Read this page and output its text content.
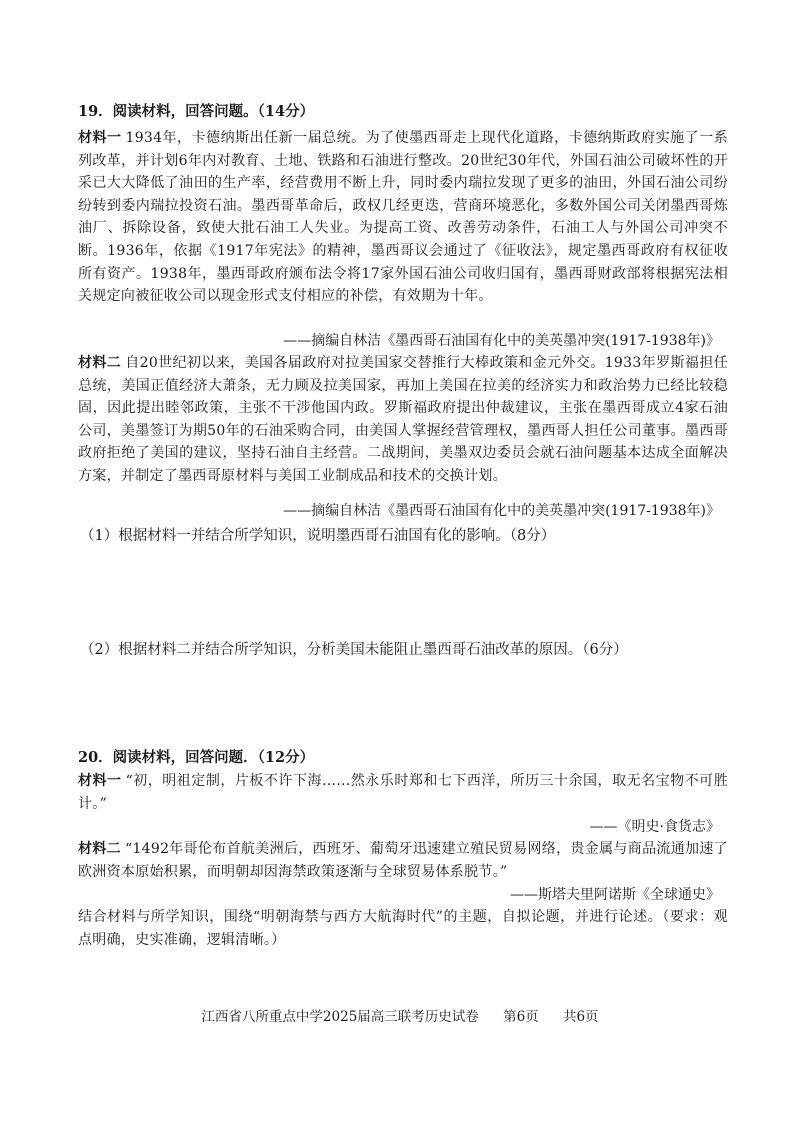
19．阅读材料，回答问题。（14分）
材料一 1934年，卡德纳斯出任新一届总统。为了使墨西哥走上现代化道路，卡德纳斯政府实施了一系列改革，并计划6年内对教育、土地、铁路和石油进行整改。20世纪30年代，外国石油公司破坏性的开采已大大降低了油田的生产率，经营费用不断上升，同时委内瑞拉发现了更多的油田，外国石油公司纷纷转到委内瑞拉投资石油。墨西哥革命后，政权几经更迭，营商环境恶化，多数外国公司关闭墨西哥炼油厂、拆除设备，致使大批石油工人失业。为提高工资、改善劳动条件，石油工人与外国公司冲突不断。1936年，依据《1917年宪法》的精神，墨西哥议会通过了《征收法》，规定墨西哥政府有权征收所有资产。1938年，墨西哥政府颁布法令将17家外国石油公司收归国有，墨西哥财政部将根据宪法相关规定向被征收公司以现金形式支付相应的补偿，有效期为十年。
——摘编自林洁《墨西哥石油国有化中的美英墨冲突(1917-1938年)》
材料二 自20世纪初以来，美国各届政府对拉美国家交替推行大棒政策和金元外交。1933年罗斯福担任总统，美国正值经济大萧条，无力顾及拉美国家，再加上美国在拉美的经济实力和政治势力已经比较稳固，因此提出睦邻政策，主张不干涉他国内政。罗斯福政府提出仲裁建议，主张在墨西哥成立4家石油公司，美墨签订为期50年的石油采购合同，由美国人掌握经营管理权，墨西哥人担任公司董事。墨西哥政府拒绝了美国的建议，坚持石油自主经营。二战期间，美墨双边委员会就石油问题基本达成全面解决方案，并制定了墨西哥原材料与美国工业制成品和技术的交换计划。
——摘编自林洁《墨西哥石油国有化中的美英墨冲突(1917-1938年)》
（1）根据材料一并结合所学知识，说明墨西哥石油国有化的影响。（8分）
（2）根据材料二并结合所学知识，分析美国未能阻止墨西哥石油改革的原因。（6分）
20．阅读材料，回答问题．（12分）
材料一 “初，明祖定制，片板不许下海……然永乐时郑和七下西洋，所历三十余国，取无名宝物不可胜计。”
——《明史·食货志》
材料二 “1492年哥伦布首航美洲后，西班牙、葡萄牙迅速建立殖民贸易网络，贵金属与商品流通加速了欧洲资本原始积累，而明朝却因海禁政策逐渐与全球贸易体系脱节。”
——斯塔夫里阿诺斯《全球通史》
结合材料与所学知识，围绕“明朝海禁与西方大航海时代”的主题，自拟论题，并进行论述。（要求：观点明确，史实准确，逻辑清晰。）
江西省八所重点中学2025届高三联考历史试卷 第6页 共6页
